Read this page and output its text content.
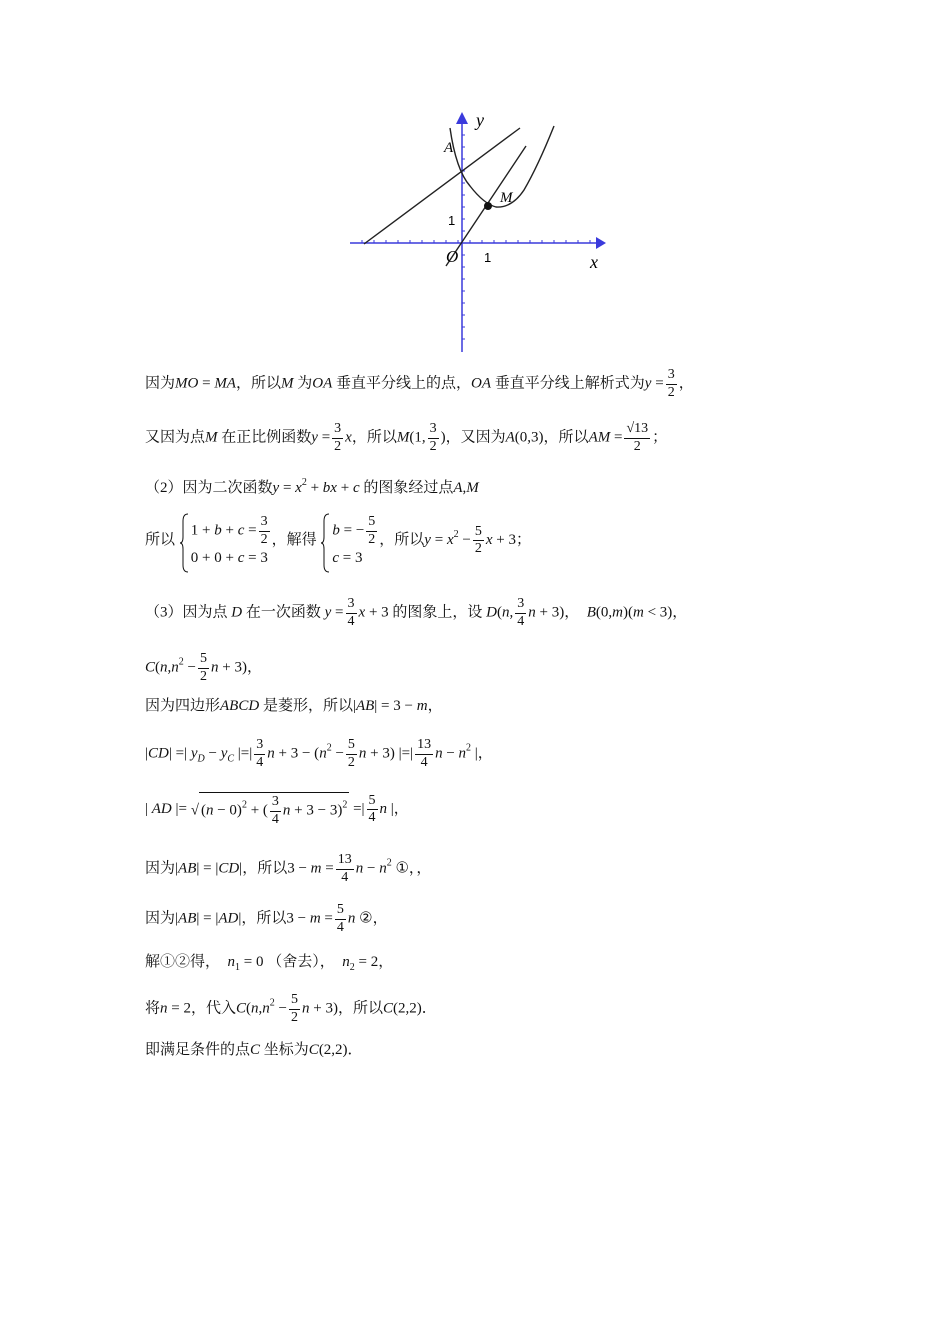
y
x
O
A
M
1
1
因为MO = MA，所以M 为OA 垂直平分线上的点，OA 垂直平分线上解析式为$y = \frac{3}{2}$ ，
又因为点M 在正比例函数$y = \frac{3}{2}$ x，所以M(1, $\frac{3}{2}$ )，又因为A(0,3)，所以AM = $\frac{√13}{2}$ ；
（2）因为二次函数$y = x^2$ + bx + c 的图象经过点A,M
所以
$1 + b + c = \frac{3}{2}$
0 + 0 + c = 3
，解得
b = − $\frac{5}{2}$
c = 3
，所以$y = x^2 - \frac{5}{2}$ x + 3；
（3）因为点 D 在一次函数 $y = \frac{3}{4}$ x + 3 的图象上，设 D(n, $\frac{3}{4}$ n + 3)，  B(0,m)(m < 3)，
$C(n,n^2 - \frac{5}{2}$ n + 3)，
因为四边形ABCD 是菱形，所以|AB| = 3 − m，
|CD| =| $y_D - y_C$ |=| $\frac{3}{4}$ $n + 3 - (n^2 - \frac{5}{2}$ n + 3) |=| $\frac{13}{4}$ $n - n^2$ |，
| AD |= √ $(n - 0)^2$ + ( $\frac{3}{4}$ n + 3 − 3)$^2$ =| $\frac{5}{4}$ n |，
因为|AB| = |CD|，所以$3 - m = \frac{13}{4}$ $n - n^2$ ①，，
因为|AB| = |AD|，所以$3 - m = \frac{5}{4}$ n ②，
解①②得， $n_1 = 0$ （舍去）， $n_2 = 2$，
将n = 2，代入$C(n,n^2 - \frac{5}{2}$ n + 3)，所以C(2,2)．
即满足条件的点C 坐标为C(2,2)．
